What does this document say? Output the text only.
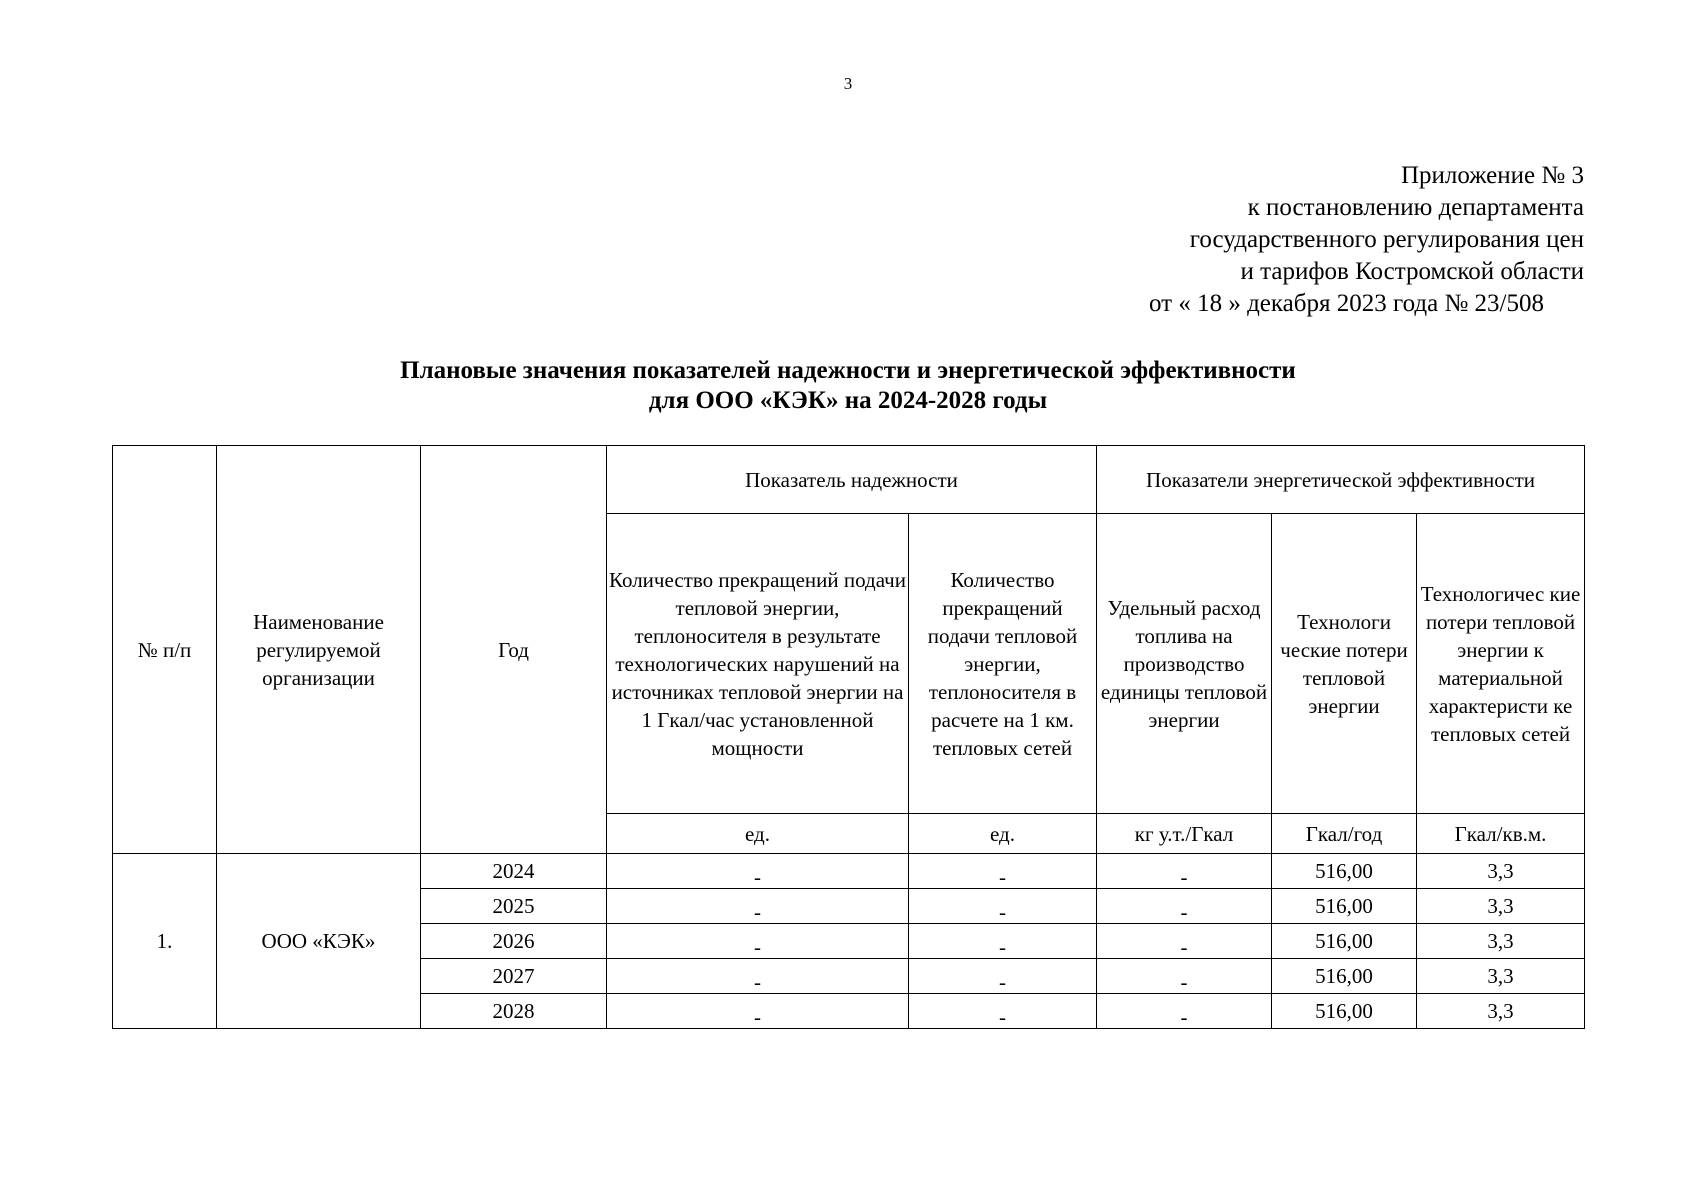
3
Приложение № 3
к постановлению департамента
государственного регулирования цен
и тарифов Костромской области
от « 18 » декабря 2023 года № 23/508
Плановые значения показателей надежности и энергетической эффективности
для ООО «КЭК» на 2024-2028 годы
№ п/п	Наименование регулируемой организации	Год	Показатель надежности		Показатели энергетической эффективности		
			Количество прекращений подачи тепловой энергии, теплоносителя в результате технологических нарушений на источниках тепловой энергии на 1 Гкал/час установленной мощности	Количество прекращений подачи тепловой энергии, теплоносителя в расчете на 1 км. тепловых сетей	Удельный расход топлива на производство единицы тепловой энергии	Технологи ческие потери тепловой энергии	Технологичес кие потери тепловой энергии к материальной характеристи ке тепловых сетей
			ед.	ед.	кг у.т./Гкал	Гкал/год	Гкал/кв.м.
1.	ООО «КЭК»	2024	-	-	-	516,00	3,3
		2025	-	-	-	516,00	3,3
		2026	-	-	-	516,00	3,3
		2027	-	-	-	516,00	3,3
		2028	-	-	-	516,00	3,3
